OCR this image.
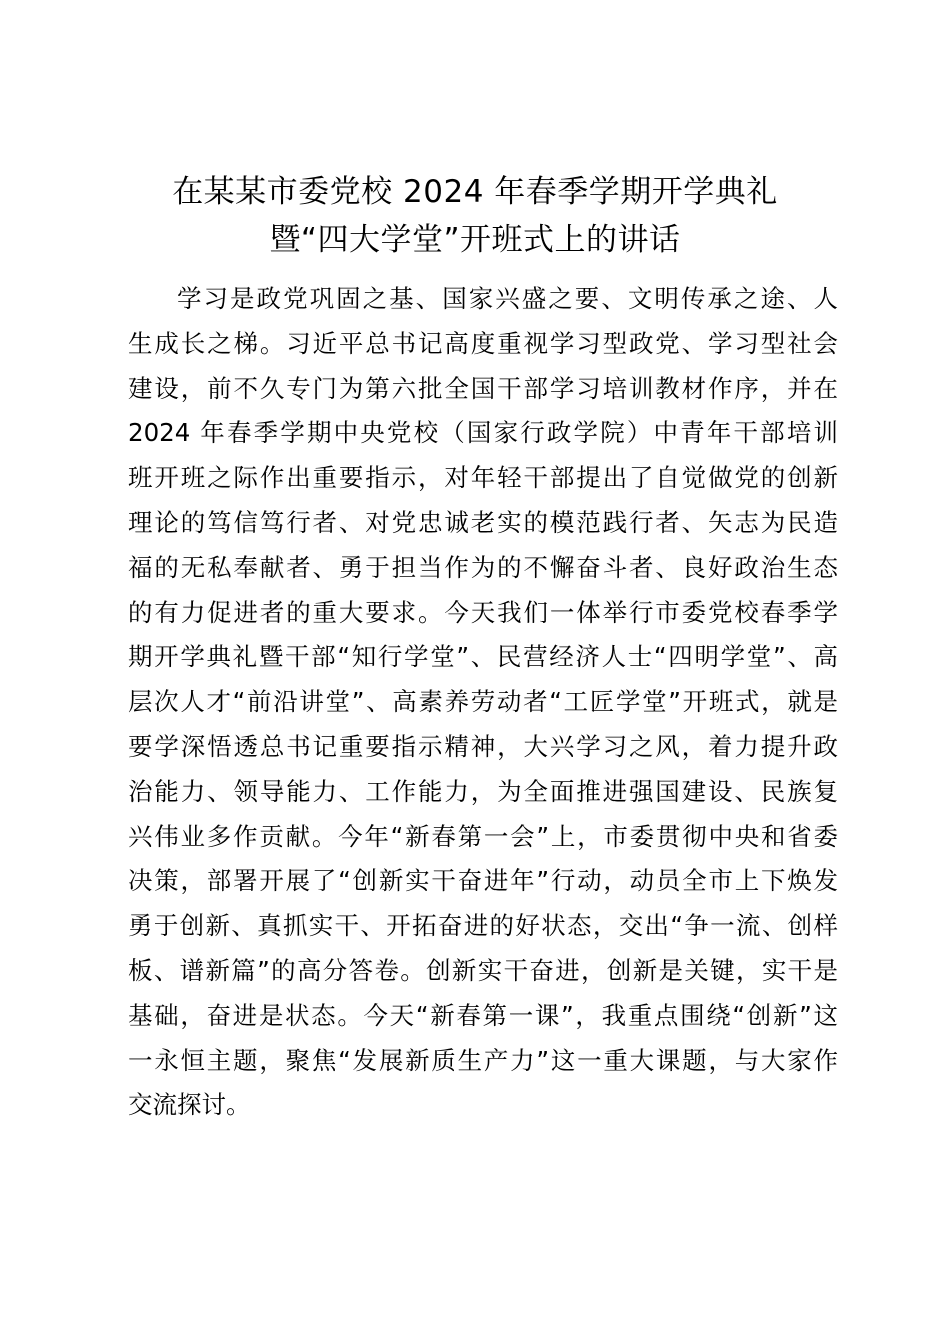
在某某市委党校 2024 年春季学期开学典礼
暨“四大学堂”开班式上的讲话
学习是政党巩固之基、国家兴盛之要、文明传承之途、人
生成长之梯。习近平总书记高度重视学习型政党、学习型社会
建设，前不久专门为第六批全国干部学习培训教材作序，并在
2024 年春季学期中央党校（国家行政学院）中青年干部培训
班开班之际作出重要指示，对年轻干部提出了自觉做党的创新
理论的笃信笃行者、对党忠诚老实的模范践行者、矢志为民造
福的无私奉献者、勇于担当作为的不懈奋斗者、良好政治生态
的有力促进者的重大要求。今天我们一体举行市委党校春季学
期开学典礼暨干部“知行学堂”、民营经济人士“四明学堂”、高
层次人才“前沿讲堂”、高素养劳动者“工匠学堂”开班式，就是
要学深悟透总书记重要指示精神，大兴学习之风，着力提升政
治能力、领导能力、工作能力，为全面推进强国建设、民族复
兴伟业多作贡献。今年“新春第一会”上，市委贯彻中央和省委
决策，部署开展了“创新实干奋进年”行动，动员全市上下焕发
勇于创新、真抓实干、开拓奋进的好状态，交出“争一流、创样
板、谱新篇”的高分答卷。创新实干奋进，创新是关键，实干是
基础，奋进是状态。今天“新春第一课”，我重点围绕“创新”这
一永恒主题，聚焦“发展新质生产力”这一重大课题，与大家作
交流探讨。
